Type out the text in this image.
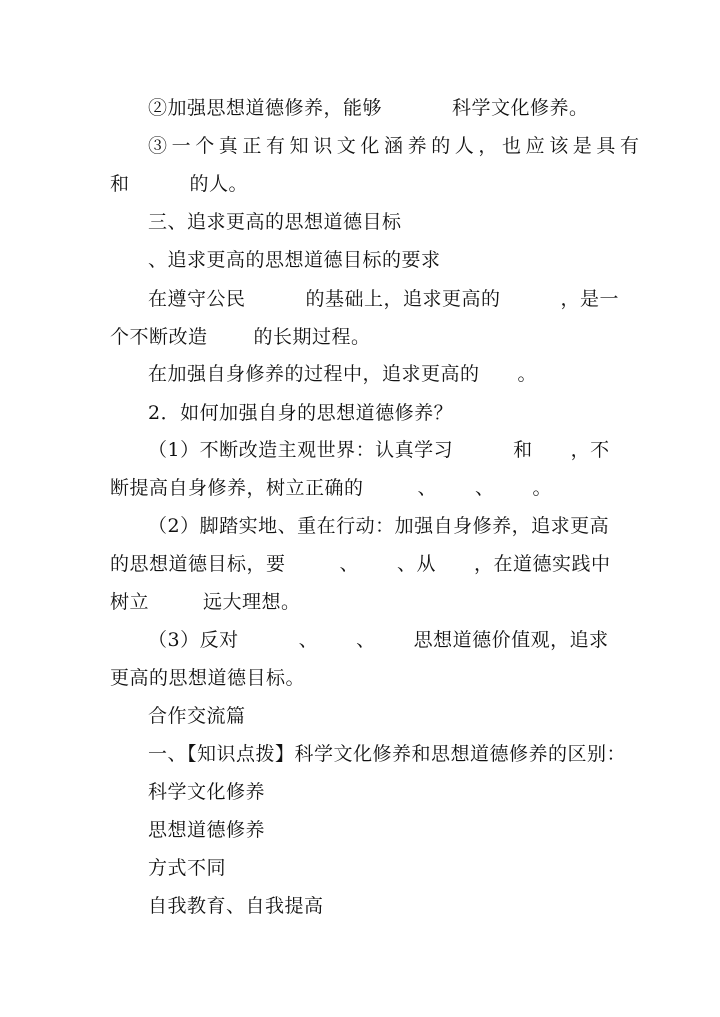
②加强思想道德修养，能够	科学文化修养。
③一个真正有知识文化涵养的人，也应该是具有
和	的人。
三、追求更高的思想道德目标
、追求更高的思想道德目标的要求
在遵守公民	的基础上，追求更高的	，是一
个不断改造 的长期过程。
在加强自身修养的过程中，追求更高的 。
2．如何加强自身的思想道德修养？
（1）不断改造主观世界：认真学习	和 ，不
断提高自身修养，树立正确的	、 、 。
（2）脚踏实地、重在行动：加强自身修养，追求更高
的思想道德目标，要	、 、从 ，在道德实践中
树立	远大理想。
（3）反对	、 、 思想道德价值观，追求
更高的思想道德目标。
合作交流篇
一、【知识点拨】科学文化修养和思想道德修养的区别：
科学文化修养
思想道德修养
方式不同
自我教育、自我提高
